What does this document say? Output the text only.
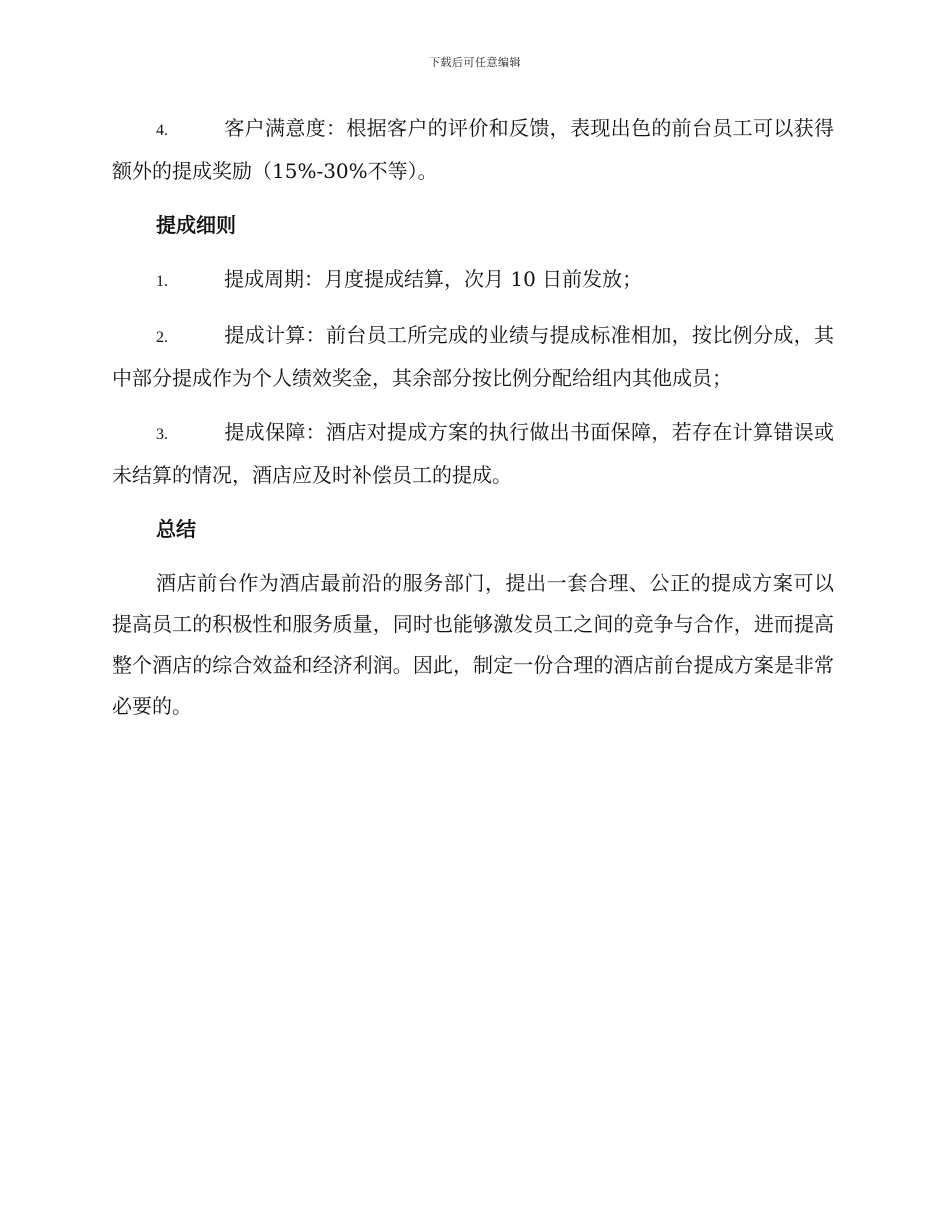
下载后可任意编辑

4.	客户满意度：根据客户的评价和反馈，表现出色的前台员工可以获得额外的提成奖励（15%-30%不等）。

提成细则

1.	提成周期：月度提成结算，次月 10 日前发放；

2.	提成计算：前台员工所完成的业绩与提成标准相加，按比例分成，其中部分提成作为个人绩效奖金，其余部分按比例分配给组内其他成员；

3.	提成保障：酒店对提成方案的执行做出书面保障，若存在计算错误或未结算的情况，酒店应及时补偿员工的提成。

总结

酒店前台作为酒店最前沿的服务部门，提出一套合理、公正的提成方案可以提高员工的积极性和服务质量，同时也能够激发员工之间的竞争与合作，进而提高整个酒店的综合效益和经济利润。因此，制定一份合理的酒店前台提成方案是非常必要的。
